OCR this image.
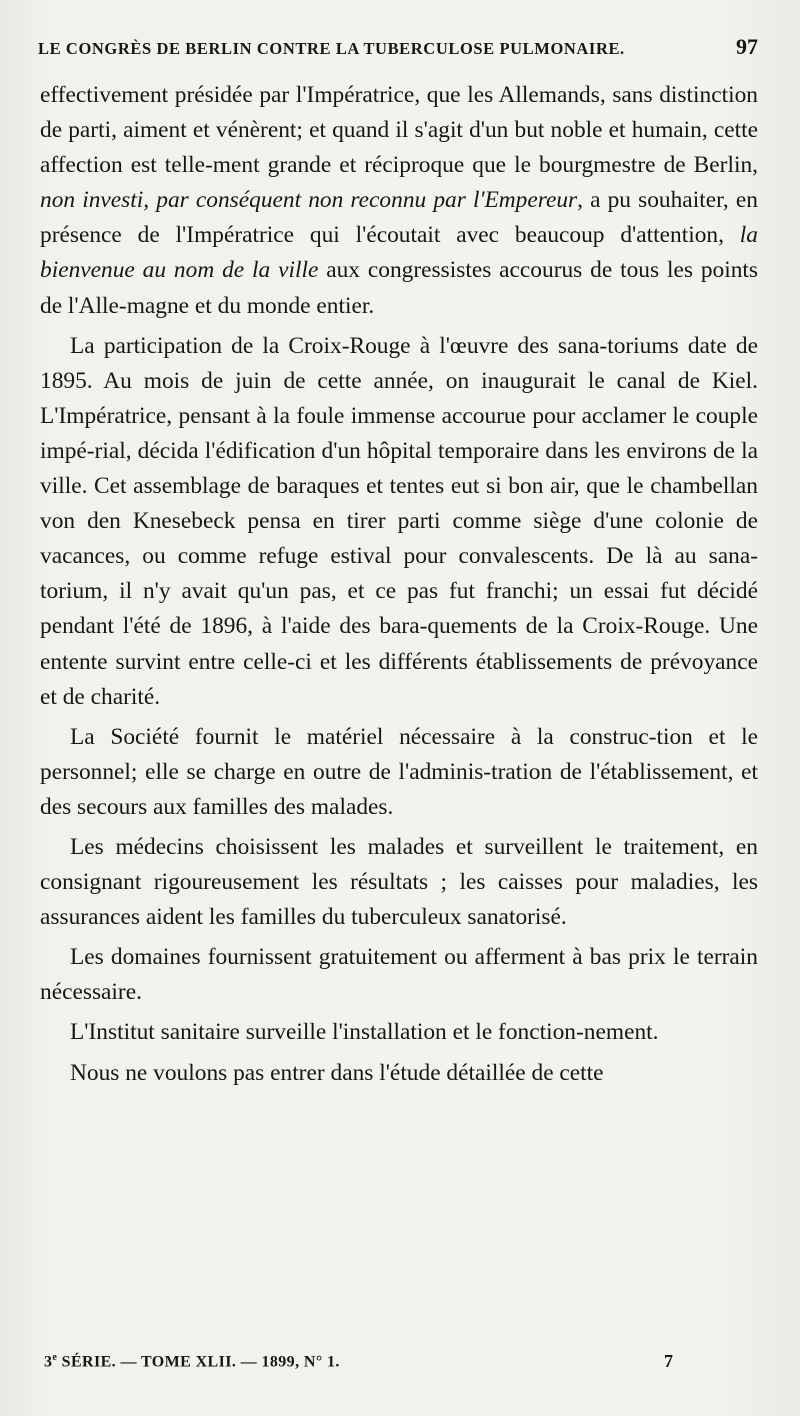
LE CONGRÈS DE BERLIN CONTRE LA TUBERCULOSE PULMONAIRE.	97

effectivement présidée par l'Impératrice, que les Allemands, sans distinction de parti, aiment et vénèrent; et quand il s'agit d'un but noble et humain, cette affection est telle-ment grande et réciproque que le bourgmestre de Berlin, non investi, par conséquent non reconnu par l'Empereur, a pu souhaiter, en présence de l'Impératrice qui l'écoutait avec beaucoup d'attention, la bienvenue au nom de la ville aux congressistes accourus de tous les points de l'Alle-magne et du monde entier.

La participation de la Croix-Rouge à l'œuvre des sana-toriums date de 1895. Au mois de juin de cette année, on inaugurait le canal de Kiel. L'Impératrice, pensant à la foule immense accourue pour acclamer le couple impé-rial, décida l'édification d'un hôpital temporaire dans les environs de la ville. Cet assemblage de baraques et tentes eut si bon air, que le chambellan von den Knesebeck pensa en tirer parti comme siège d'une colonie de vacances, ou comme refuge estival pour convalescents. De là au sana-torium, il n'y avait qu'un pas, et ce pas fut franchi; un essai fut décidé pendant l'été de 1896, à l'aide des bara-quements de la Croix-Rouge. Une entente survint entre celle-ci et les différents établissements de prévoyance et de charité.

La Société fournit le matériel nécessaire à la construc-tion et le personnel; elle se charge en outre de l'adminis-tration de l'établissement, et des secours aux familles des malades.

Les médecins choisissent les malades et surveillent le traitement, en consignant rigoureusement les résultats ; les caisses pour maladies, les assurances aident les familles du tuberculeux sanatorisé.

Les domaines fournissent gratuitement ou afferment à bas prix le terrain nécessaire.

L'Institut sanitaire surveille l'installation et le fonction-nement.

Nous ne voulons pas entrer dans l'étude détaillée de cette

3e SÉRIE. — TOME XLII. — 1899, N° 1.	7
